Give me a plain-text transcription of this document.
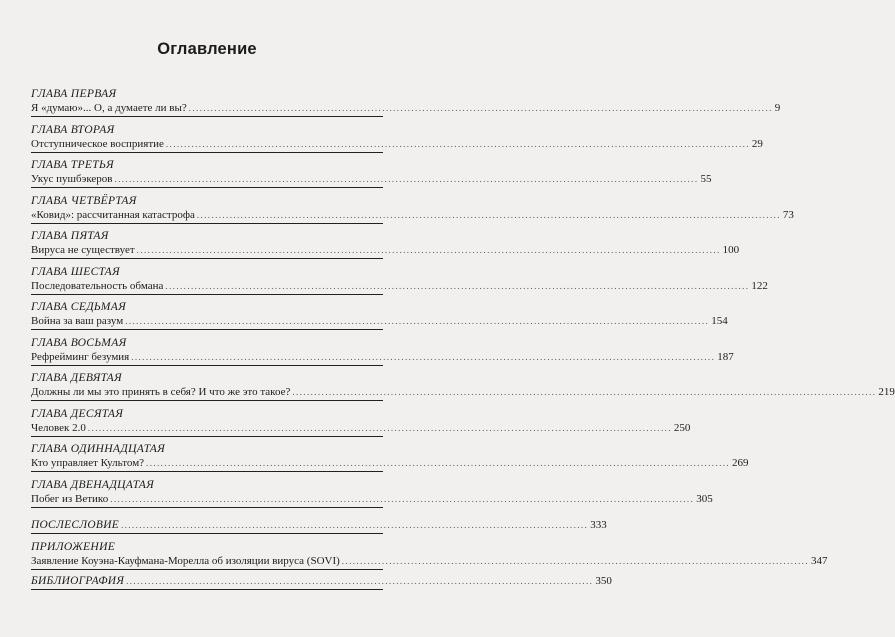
Оглавление
ГЛАВА ПЕРВАЯ
Я «думаю»... О, а думаете ли вы? ................................................................................................................................................................ 9
ГЛАВА ВТОРАЯ
Отступническое восприятие ................................................................................................................................................................ 29
ГЛАВА ТРЕТЬЯ
Укус пушбэкеров ................................................................................................................................................................ 55
ГЛАВА ЧЕТВЁРТАЯ
«Ковид»: рассчитанная катастрофа ................................................................................................................................................................ 73
ГЛАВА ПЯТАЯ
Вируса не существует ................................................................................................................................................................ 100
ГЛАВА ШЕСТАЯ
Последовательность обмана ................................................................................................................................................................ 122
ГЛАВА СЕДЬМАЯ
Война за ваш разум ................................................................................................................................................................ 154
ГЛАВА ВОСЬМАЯ
Рефрейминг безумия ................................................................................................................................................................ 187
ГЛАВА ДЕВЯТАЯ
Должны ли мы это принять в себя? И что же это такое? ................................................................................................................................................................ 219
ГЛАВА ДЕСЯТАЯ
Человек 2.0 ................................................................................................................................................................ 250
ГЛАВА ОДИННАДЦАТАЯ
Кто управляет Культом? ................................................................................................................................................................ 269
ГЛАВА ДВЕНАДЦАТАЯ
Побег из Ветико ................................................................................................................................................................ 305
ПОСЛЕСЛОВИЕ ................................................................................................................................ 333
ПРИЛОЖЕНИЕ
Заявление Коуэна-Кауфмана-Морелла об изоляции вируса (SOVI) ................................................................................................................................ 347
БИБЛИОГРАФИЯ ................................................................................................................................ 350
